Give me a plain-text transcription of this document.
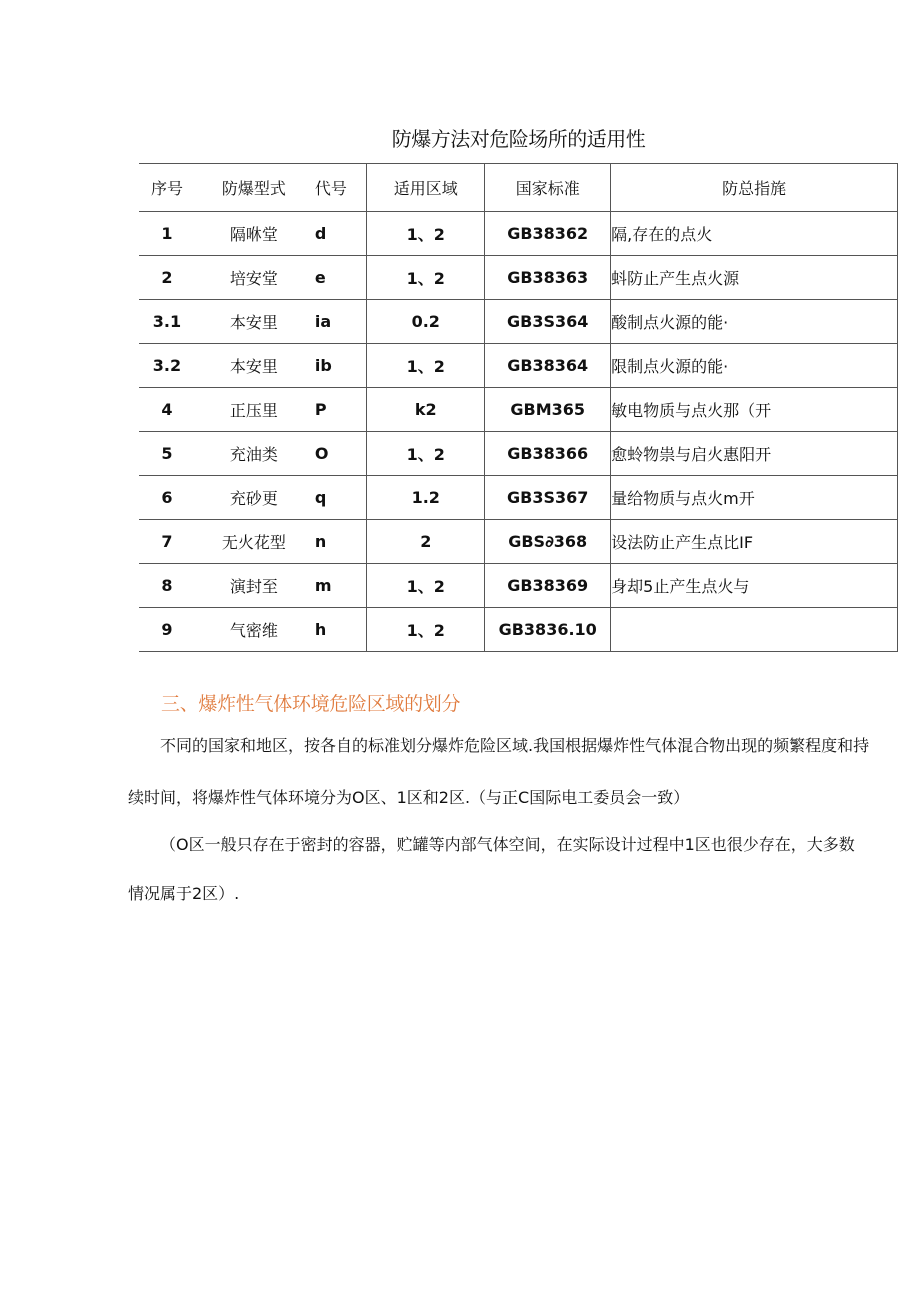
防爆方法对危险场所的适用性
序号	防爆型式	代号	适用区域	国家标准	防总指旄
1	隔咻堂	d	1、2	GB38362	隔,存在的点火
2	培安堂	e	1、2	GB38363	蚪防止产生点火源
3.1	本安里	ia	0.2	GB3S364	酸制点火源的能·
3.2	本安里	ib	1、2	GB38364	限制点火源的能·
4	正压里	P	k2	GBM365	敏电物质与点火那（开
5	充油类	O	1、2	GB38366	愈蛉物祟与启火惠阳开
6	充砂更	q	1.2	GB3S367	量给物质与点火m开
7	无火花型	n	2	GBS∂368	设法防止产生点比IF
8	演封至	m	1、2	GB38369	身却5止产生点火与
9	气密维	h	1、2	GB3836.10	
三、爆炸性气体环境危险区域的划分
不同的国家和地区，按各自的标准划分爆炸危险区域.我国根据爆炸性气体混合物出现的频繁程度和持
续时间，将爆炸性气体环境分为O区、1区和2区.（与正C国际电工委员会一致）
（O区一般只存在于密封的容器，贮罐等内部气体空间，在实际设计过程中1区也很少存在，大多数
情况属于2区）.
